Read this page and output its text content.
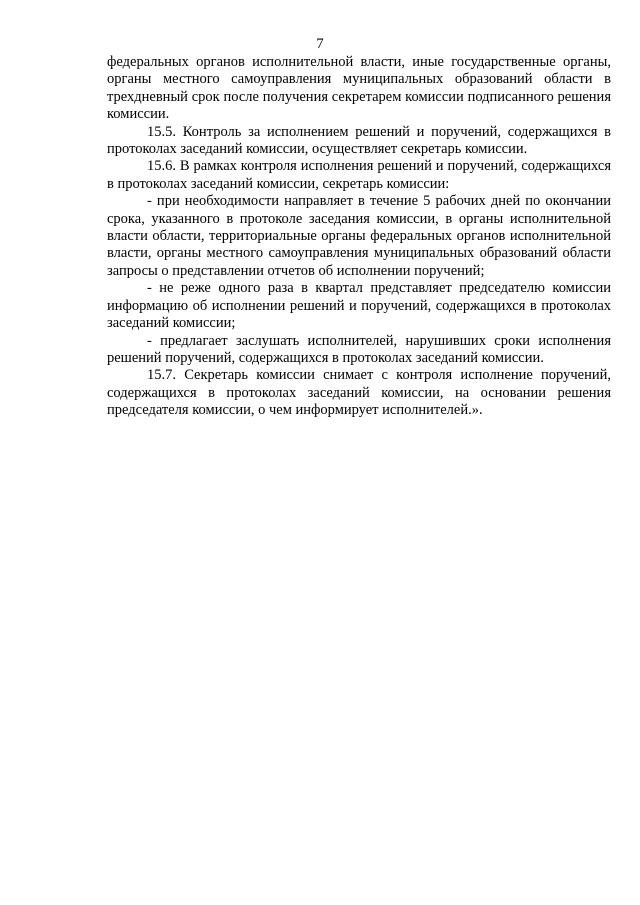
7

федеральных органов исполнительной власти, иные государственные органы, органы местного самоуправления муниципальных образований области в трехдневный срок после получения секретарем комиссии подписанного решения комиссии.

15.5. Контроль за исполнением решений и поручений, содержащихся в протоколах заседаний комиссии, осуществляет секретарь комиссии.

15.6. В рамках контроля исполнения решений и поручений, содержащихся в протоколах заседаний комиссии, секретарь комиссии:

- при необходимости направляет в течение 5 рабочих дней по окончании срока, указанного в протоколе заседания комиссии, в органы исполнительной власти области, территориальные органы федеральных органов исполнительной власти, органы местного самоуправления муниципальных образований области запросы о представлении отчетов об исполнении поручений;

- не реже одного раза в квартал представляет председателю комиссии информацию об исполнении решений и поручений, содержащихся в протоколах заседаний комиссии;

- предлагает заслушать исполнителей, нарушивших сроки исполнения решений поручений, содержащихся в протоколах заседаний комиссии.

15.7. Секретарь комиссии снимает с контроля исполнение поручений, содержащихся в протоколах заседаний комиссии, на основании решения председателя комиссии, о чем информирует исполнителей.».
